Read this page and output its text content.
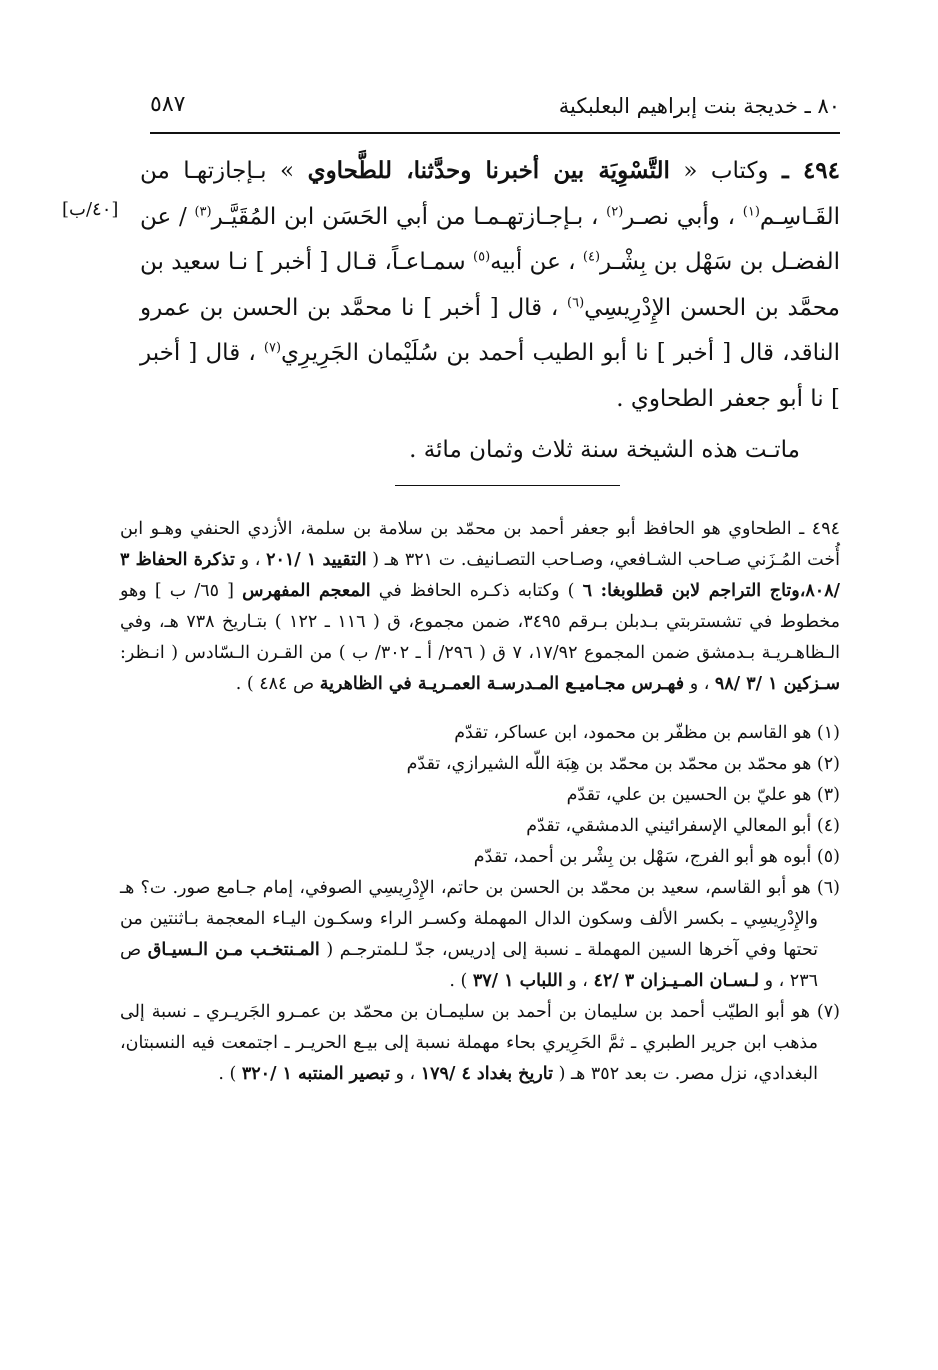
٨٠ ـ خديجة بنت إبراهيم البعلبكية
٥٨٧
[٤٠/ب]

٤٩٤ ـ وكتاب « التَّسْوِيَة بين أخبرنا وحدَّثنا، للطَّحاوي » بـإجازتهـا من القَـاسِـم$^{(١)}$ ، وأبي نصـر$^{(٢)}$ ، بـإجـازتهـمـا من أبي الحَسَن ابن المُقَيَّـر$^{(٣)}$ / عن الفضـل بن سَهْل بن بِشْـر$^{(٤)}$ ، عن أبيه$^{(٥)}$ سمـاعـاً، قـال [ أخبر ] نـا سعيد بن محمَّد بن الحسن الإِدْرِيسِي$^{(٦)}$ ، قال [ أخبر ] نا محمَّد بن الحسن بن عمرو الناقد، قال [ أخبر ] نا أبو الطيب أحمد بن سُلَيْمان الجَرِيرِي$^{(٧)}$ ، قال [ أخبر ] نا أبو جعفر الطحاوي .

ماتـت هذه الشيخة سنة ثلاث وثمان مائة .

٤٩٤ ـ الطحاوي هو الحافظ أبو جعفر أحمد بن محمّد بن سلامة بن سلمة، الأزدي الحنفي وهـو ابن أُخت المُـزَني صـاحب الشـافعي، وصـاحب التصـانيف. ت ٣٢١ هـ ( التقييد ١ /٢٠١ ، و تذكرة الحفاظ ٣ /٨٠٨،وتاج التراجم لابن قطلوبغا: ٦ ) وكتابه ذكـره الحافظ في المعجم المفهرس [ ٦٥/ ب ] وهو مخطوط في تشستربتي بـدبلن بـرقم ٣٤٩٥، ضمن مجموع، ق ( ١١٦ ـ ١٢٢ ) بتـاريخ ٧٣٨ هـ، وفي الـظاهـريـة بـدمشق ضمن المجموع ١٧/٩٢، ٧ ق ( ٢٩٦/ أ ـ ٣٠٢/ ب ) من القـرن الـسّادس ( انـظر: سـزكين ١ /٣ /٩٨ ، و فهـرس مجـاميـع المـدرسـة العمـريـة في الظاهرية ص ٤٨٤ ) .

(١) هو القاسم بن مظفّر بن محمود، ابن عساكر، تقدّم

(٢) هو محمّد بن محمّد بن محمّد بن هِبَة اللّه الشيرازي، تقدّم

(٣) هو عليّ بن الحسين بن علي، تقدّم

(٤) أبو المعالي الإسفرائيني الدمشقي، تقدّم

(٥) أبوه هو أبو الفرج، سَهْل بن بِشْر بن أحمد، تقدّم

(٦) هو أبو القاسم، سعيد بن محمّد بن الحسن بن حاتم، الإِدْرِيسِي الصوفي، إمام جـامع صور. ت؟ هـ والإِدْرِيسِي ـ بكسر الألف وسكون الدال المهملة وكسـر الراء وسكـون اليـاء المعجمة بـاثنتين من تحتها وفي آخرها السين المهملة ـ نسبة إلى إدريس، جدّ لـلمترجـم ( المـنتخـب مـن الـسيـاق ص ٢٣٦ ، و لـسـان المـيـزان ٣ /٤٢ ، و اللباب ١ /٣٧ ) .

(٧) هو أبو الطيّب أحمد بن سليمان بن أحمد بن سليمـان بن محمّد بن عمـرو الجَريـري ـ نسبة إلى مذهب ابن جرير الطبري ـ ثمَّ الحَرِيري بحاء مهملة نسبة إلى بيـع الحريـر ـ اجتمعت فيه النسبتان، البغدادي، نزل مصر. ت بعد ٣٥٢ هـ ( تاريخ بغداد ٤ /١٧٩ ، و تبصير المنتبه ١ /٣٢٠ ) .
